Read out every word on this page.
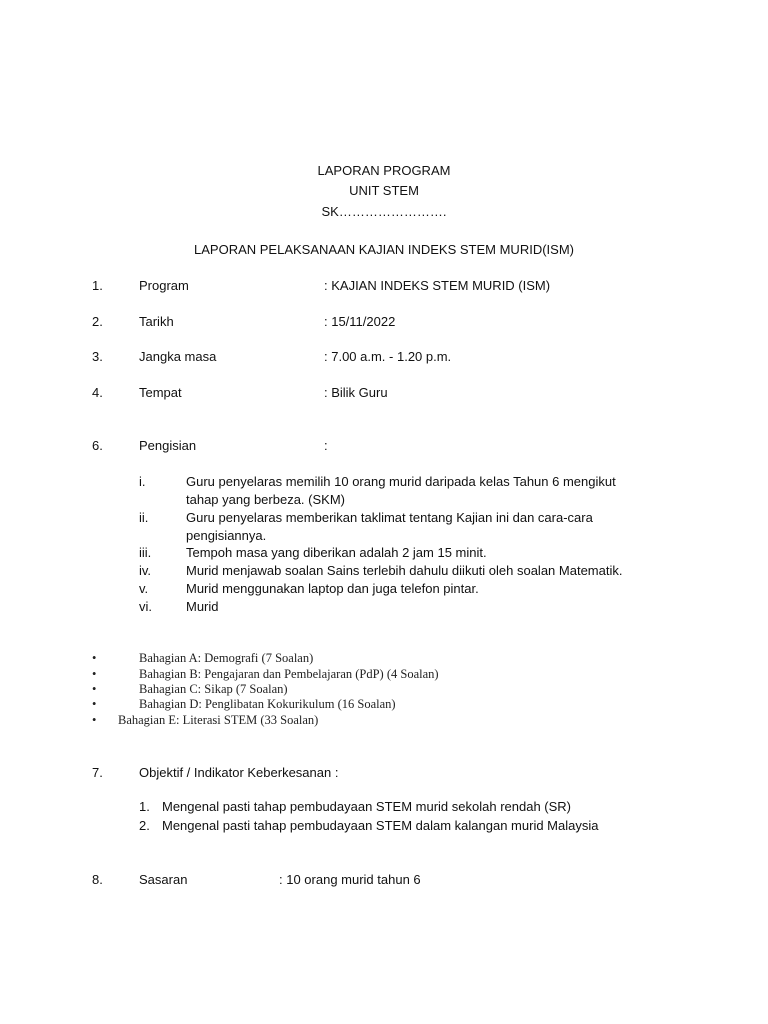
LAPORAN PROGRAM
UNIT STEM
SK…………………….
LAPORAN PELAKSANAAN KAJIAN INDEKS STEM MURID(ISM)
1.	Program	: KAJIAN INDEKS STEM MURID (ISM)
2.	Tarikh	: 15/11/2022
3.	Jangka masa	: 7.00 a.m. - 1.20 p.m.
4.	Tempat	: Bilik Guru
6.	Pengisian	:
i.	Guru penyelaras memilih 10 orang murid daripada kelas Tahun 6 mengikut
tahap yang berbeza. (SKM)
ii.	Guru penyelaras memberikan taklimat tentang Kajian ini dan cara-cara
pengisiannya.
iii.	Tempoh masa yang diberikan adalah 2 jam 15 minit.
iv.	Murid menjawab soalan Sains terlebih dahulu diikuti oleh soalan Matematik.
v.	Murid menggunakan laptop dan juga telefon pintar.
vi.	Murid
•	Bahagian A: Demografi (7 Soalan)
•	Bahagian B: Pengajaran dan Pembelajaran (PdP) (4 Soalan)
•	Bahagian C: Sikap (7 Soalan)
•	Bahagian D: Penglibatan Kokurikulum (16 Soalan)
• Bahagian E: Literasi STEM (33 Soalan)
7.	Objektif / Indikator Keberkesanan :
1. Mengenal pasti tahap pembudayaan STEM murid sekolah rendah (SR)
2. Mengenal pasti tahap pembudayaan STEM dalam kalangan murid Malaysia
8.	Sasaran	: 10 orang murid tahun 6
